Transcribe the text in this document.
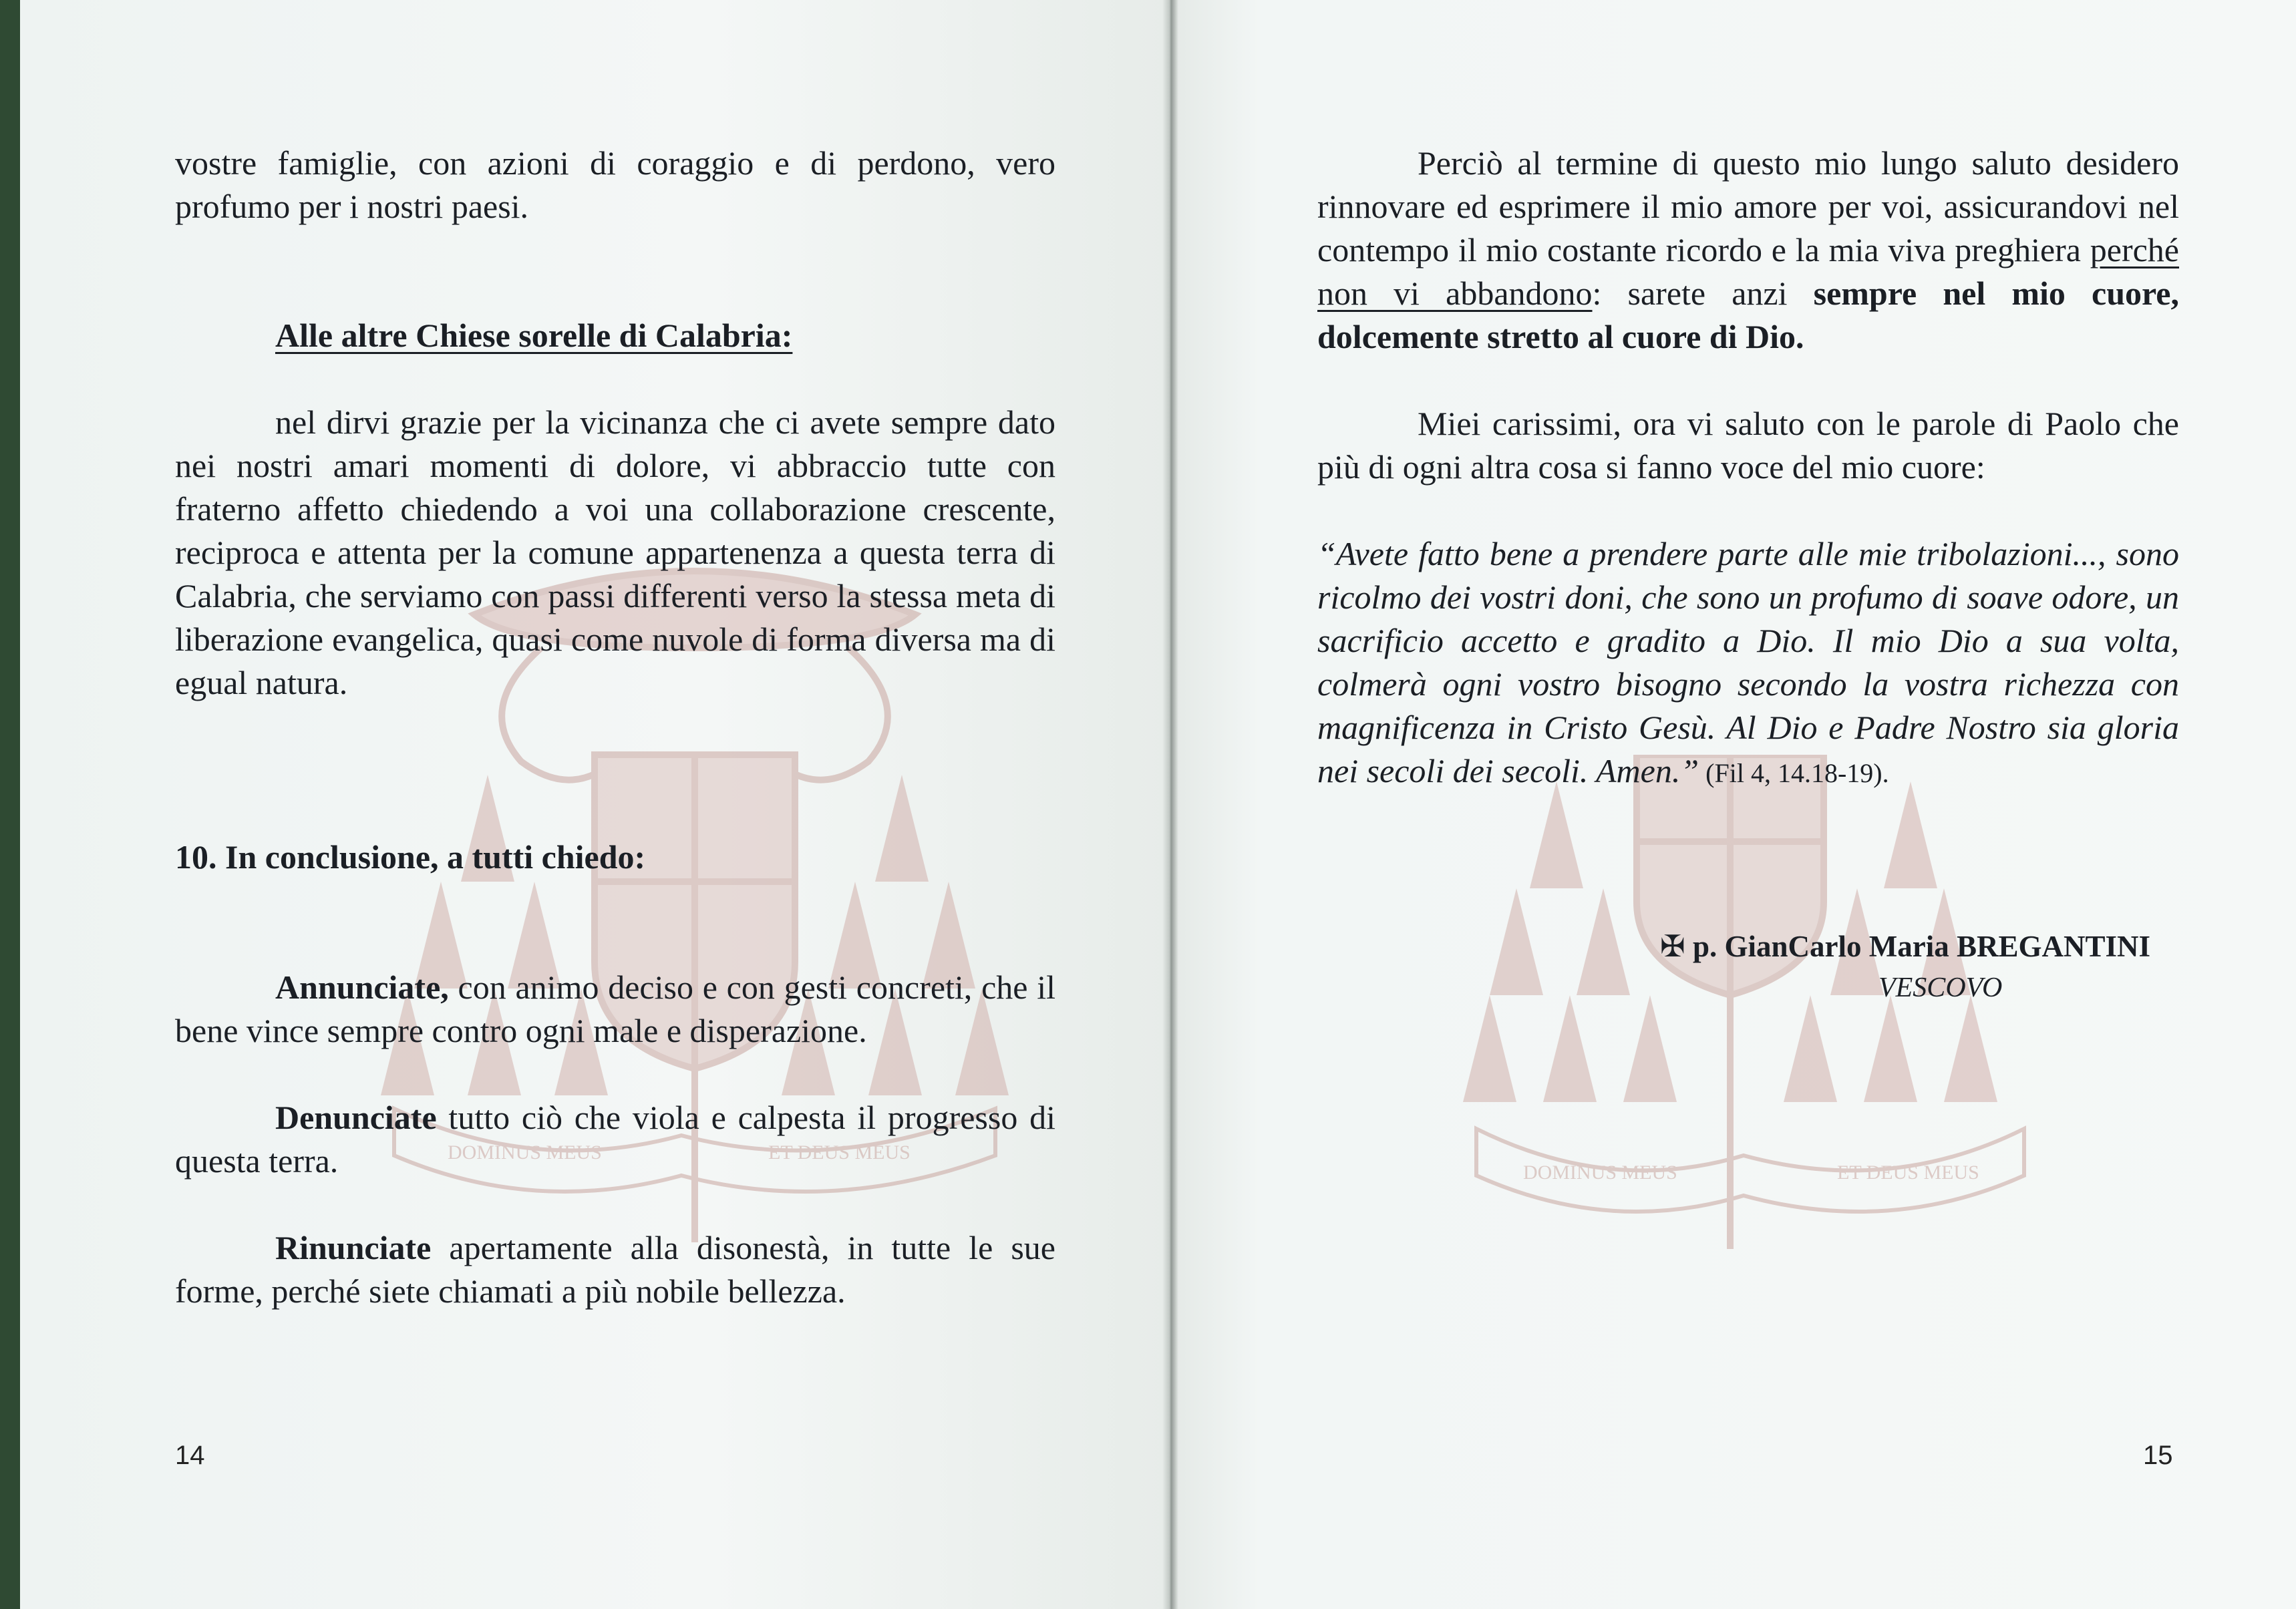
DOMINUS MEUS	ET DEUS MEUS

vostre famiglie, con azioni di coraggio e di perdono, vero profumo per i nostri paesi.

Alle altre Chiese sorelle di Calabria:

nel dirvi grazie per la vicinanza che ci avete sempre dato nei nostri amari momenti di dolore, vi abbraccio tutte con fraterno affetto chiedendo a voi una collaborazione crescente, reciproca e attenta per la comune appartenenza a questa terra di Calabria, che serviamo con passi differenti verso la stessa meta di liberazione evangelica, quasi come nuvole di forma diversa ma di egual natura.

10. In conclusione, a tutti chiedo:

Annunciate, con animo deciso e con gesti concreti, che il bene vince sempre contro ogni male e disperazione.

Denunciate tutto ciò che viola e calpesta il progresso di questa terra.

Rinunciate apertamente alla disonestà, in tutte le sue forme, perché siete chiamati a più nobile bellezza.

14
DOMINUS MEUS	ET DEUS MEUS

Perciò al termine di questo mio lungo saluto desidero rinnovare ed esprimere il mio amore per voi, assicurandovi nel contempo il mio costante ricordo e la mia viva preghiera perché non vi abbandono: sarete anzi sempre nel mio cuore, dolcemente stretto al cuore di Dio.

Miei carissimi, ora vi saluto con le parole di Paolo che più di ogni altra cosa si fanno voce del mio cuore:

“Avete fatto bene a prendere parte alle mie tribolazioni..., sono ricolmo dei vostri doni, che sono un profumo di soave odore, un sacrificio accetto e gradito a Dio. Il mio Dio a sua volta, colmerà ogni vostro bisogno secondo la vostra richezza con magnificenza in Cristo Gesù. Al Dio e Padre Nostro sia gloria nei secoli dei secoli. Amen.” (Fil 4, 14.18-19).

✠ p. GianCarlo Maria BREGANTINI
VESCOVO
15
